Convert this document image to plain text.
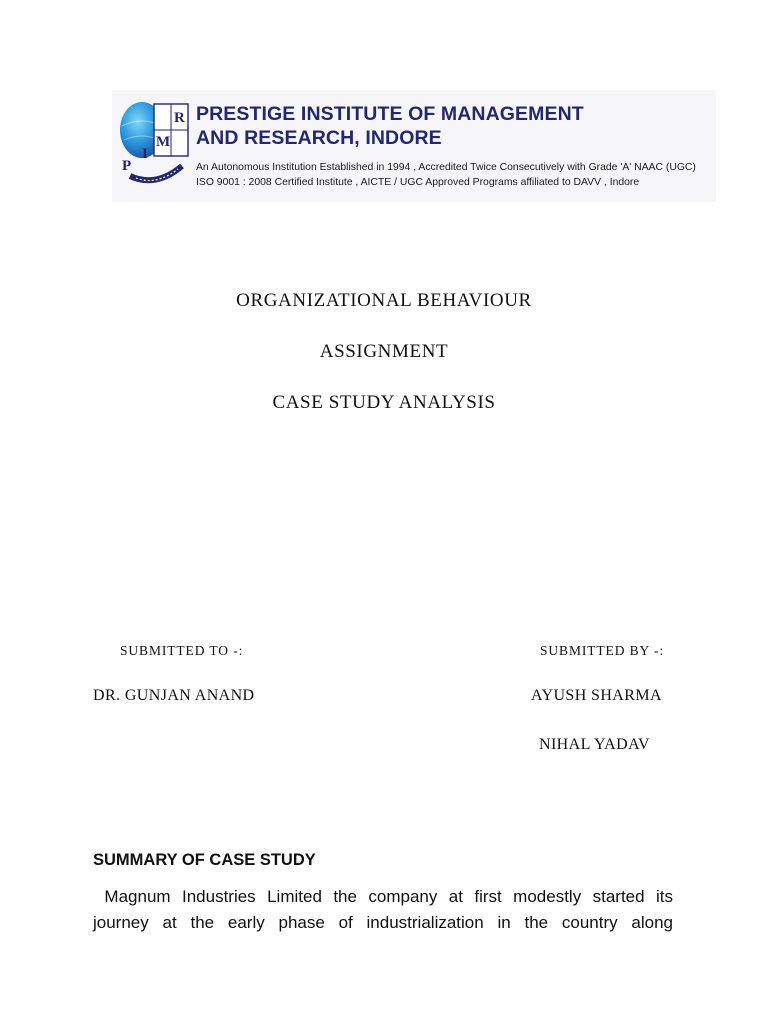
R
M
I
P
PRESTIGE INSTITUTE OF MANAGEMENT
AND RESEARCH, INDORE
An Autonomous Institution Established in 1994 , Accredited Twice Consecutively with Grade 'A' NAAC (UGC)
ISO 9001 : 2008 Certified Institute , AICTE / UGC Approved Programs affiliated to DAVV , Indore
ORGANIZATIONAL BEHAVIOUR
ASSIGNMENT
CASE STUDY ANALYSIS
SUBMITTED TO -:	SUBMITTED BY -:
DR. GUNJAN ANAND	AYUSH SHARMA
NIHAL YADAV
SUMMARY OF CASE STUDY
Magnum Industries Limited the company at first modestly started its
journey at the early phase of industrialization in the country along
